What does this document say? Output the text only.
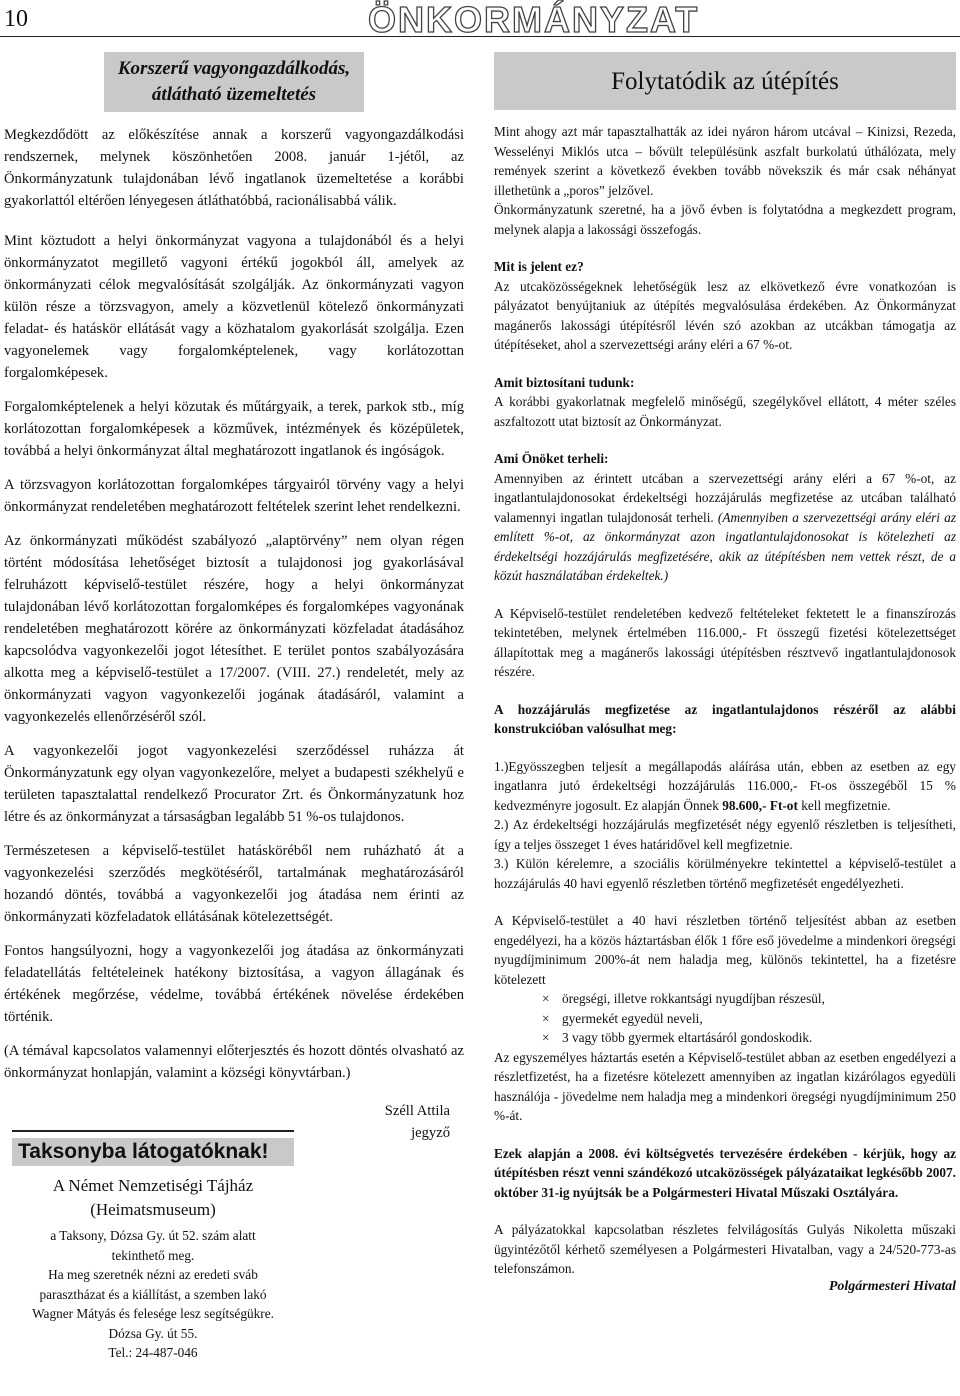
10	ÖNKORMÁNYZAT
Korszerű vagyongazdálkodás,
átlátható üzemeltetés

Megkezdődött az előkészítése annak a korszerű vagyongazdálkodási rendszernek, melynek köszönhetően 2008. január 1-jétől, az Önkormányzatunk tulajdonában lévő ingatlanok üzemeltetése a korábbi gyakorlattól eltérően lényegesen átláthatóbbá, racionálisabbá válik.

Mint köztudott a helyi önkormányzat vagyona a tulajdonából és a helyi önkormányzatot megillető vagyoni értékű jogokból áll, amelyek az önkormányzati célok megvalósítását szolgálják. Az önkormányzati vagyon külön része a törzsvagyon, amely a közvetlenül kötelező önkormányzati feladat- és hatáskör ellátását vagy a közhatalom gyakorlását szolgálja. Ezen vagyonelemek vagy forgalomképtelenek, vagy korlátozottan forgalomképesek.

Forgalomképtelenek a helyi közutak és műtárgyaik, a terek, parkok stb., míg korlátozottan forgalomképesek a közművek, intézmények és középületek, továbbá a helyi önkormányzat által meghatározott ingatlanok és ingóságok.

A törzsvagyon korlátozottan forgalomképes tárgyairól törvény vagy a helyi önkormányzat rendeletében meghatározott feltételek szerint lehet rendelkezni.

Az önkormányzati működést szabályozó „alaptörvény” nem olyan régen történt módosítása lehetőséget biztosít a tulajdonosi jog gyakorlásával felruházott képviselő-testület részére, hogy a helyi önkormányzat tulajdonában lévő korlátozottan forgalomképes és forgalomképes vagyonának rendeletében meghatározott körére az önkormányzati közfeladat átadásához kapcsolódva vagyonkezelői jogot létesíthet. E terület pontos szabályozására alkotta meg a képviselő-testület a 17/2007. (VIII. 27.) rendeletét, mely az önkormányzati vagyon vagyonkezelői jogának átadásáról, valamint a vagyonkezelés ellenőrzéséről szól.

A vagyonkezelői jogot vagyonkezelési szerződéssel ruházza át Önkormányzatunk egy olyan vagyonkezelőre, melyet a budapesti székhelyű e területen tapasztalattal rendelkező Procurator Zrt. és Önkormányzatunk hoz létre és az önkormányzat a társaságban legalább 51 %-os tulajdonos.

Természetesen a képviselő-testület hatásköréből nem ruházható át a vagyonkezelési szerződés megkötéséről, tartalmának meghatározásáról hozandó döntés, továbbá a vagyonkezelői jog átadása nem érinti az önkormányzati közfeladatok ellátásának kötelezettségét.

Fontos hangsúlyozni, hogy a vagyonkezelői jog átadása az önkormányzati feladatellátás feltételeinek hatékony biztosítása, a vagyon állagának és értékének megőrzése, védelme, továbbá értékének növelése érdekében történik.

(A témával kapcsolatos valamennyi előterjesztés és hozott döntés olvasható az önkormányzat honlapján, valamint a községi könyvtárban.)

Széll Attila
jegyző
Taksonyba látogatóknak!
A Német Nemzetiségi Tájház
(Heimatsmuseum)
a Taksony, Dózsa Gy. út 52. szám alatt
tekinthető meg.
Ha meg szeretnék nézni az eredeti sváb
parasztházat és a kiállítást, a szemben lakó
Wagner Mátyás és felesége lesz segítségükre.
Dózsa Gy. út 55.
Tel.: 24-487-046
Folytatódik az útépítés

Mint ahogy azt már tapasztalhatták az idei nyáron három utcával – Kinizsi, Rezeda, Wesselényi Miklós utca – bővült településünk aszfalt burkolatú úthálózata, mely remények szerint a következő években tovább növekszik és már csak néhányat illethetünk a „poros” jelzővel.

Önkormányzatunk szeretné, ha a jövő évben is folytatódna a megkezdett program, melynek alapja a lakossági összefogás.

Mit is jelent ez?

Az utcaközösségeknek lehetőségük lesz az elkövetkező évre vonatkozóan is pályázatot benyújtaniuk az útépítés megvalósulása érdekében. Az Önkormányzat magánerős lakossági útépítésről lévén szó azokban az utcákban támogatja az útépítéseket, ahol a szervezettségi arány eléri a 67 %-ot.

Amit biztosítani tudunk:

A korábbi gyakorlatnak megfelelő minőségű, szegélykővel ellátott, 4 méter széles aszfaltozott utat biztosít az Önkormányzat.

Ami Önöket terheli:

Amennyiben az érintett utcában a szervezettségi arány eléri a 67 %-ot, az ingatlantulajdonosokat érdekeltségi hozzájárulás megfizetése az utcában található valamennyi ingatlan tulajdonosát terheli. (Amennyiben a szervezettségi arány eléri az említett %-ot, az önkormányzat azon ingatlantulajdonosokat is kötelezheti az érdekeltségi hozzájárulás megfizetésére, akik az útépítésben nem vettek részt, de a közút használatában érdekeltek.)

A Képviselő-testület rendeletében kedvező feltételeket fektetett le a finanszírozás tekintetében, melynek értelmében 116.000,- Ft összegű fizetési kötelezettséget állapítottak meg a magánerős lakossági útépítésben résztvevő ingatlantulajdonosok részére.

A hozzájárulás megfizetése az ingatlantulajdonos részéről az alábbi konstrukcióban valósulhat meg:

1.)Egyösszegben teljesít a megállapodás aláírása után, ebben az esetben az egy ingatlanra jutó érdekeltségi hozzájárulás 116.000,- Ft-os összegéből 15 % kedvezményre jogosult. Ez alapján Önnek 98.600,- Ft-ot kell megfizetnie.

2.) Az érdekeltségi hozzájárulás megfizetését négy egyenlő részletben is teljesítheti, így a teljes összeget 1 éves határidővel kell megfizetnie.

3.) Külön kérelemre, a szociális körülményekre tekintettel a képviselő-testület a hozzájárulás 40 havi egyenlő részletben történő megfizetését engedélyezheti.

A Képviselő-testület a 40 havi részletben történő teljesítést abban az esetben engedélyezi, ha a közös háztartásban élők 1 főre eső jövedelme a mindenkori öregségi nyugdíjminimum 200%-át nem haladja meg, különös tekintettel, ha a fizetésre kötelezett

× öregségi, illetve rokkantsági nyugdíjban részesül,
× gyermekét egyedül neveli,
× 3 vagy több gyermek eltartásáról gondoskodik.

Az egyszemélyes háztartás esetén a Képviselő-testület abban az esetben engedélyezi a részletfizetést, ha a fizetésre kötelezett amennyiben az ingatlan kizárólagos egyedüli használója - jövedelme nem haladja meg a mindenkori öregségi nyugdíjminimum 250 %-át.

Ezek alapján a 2008. évi költségvetés tervezésére érdekében - kérjük, hogy az útépítésben részt venni szándékozó utcaközösségek pályázataikat legkésőbb 2007. október 31-ig nyújtsák be a Polgármesteri Hivatal Műszaki Osztályára.

A pályázatokkal kapcsolatban részletes felvilágosítás Gulyás Nikoletta műszaki ügyintézőtől kérhető személyesen a Polgármesteri Hivatalban, vagy a 24/520-773-as telefonszámon.

Polgármesteri Hivatal
